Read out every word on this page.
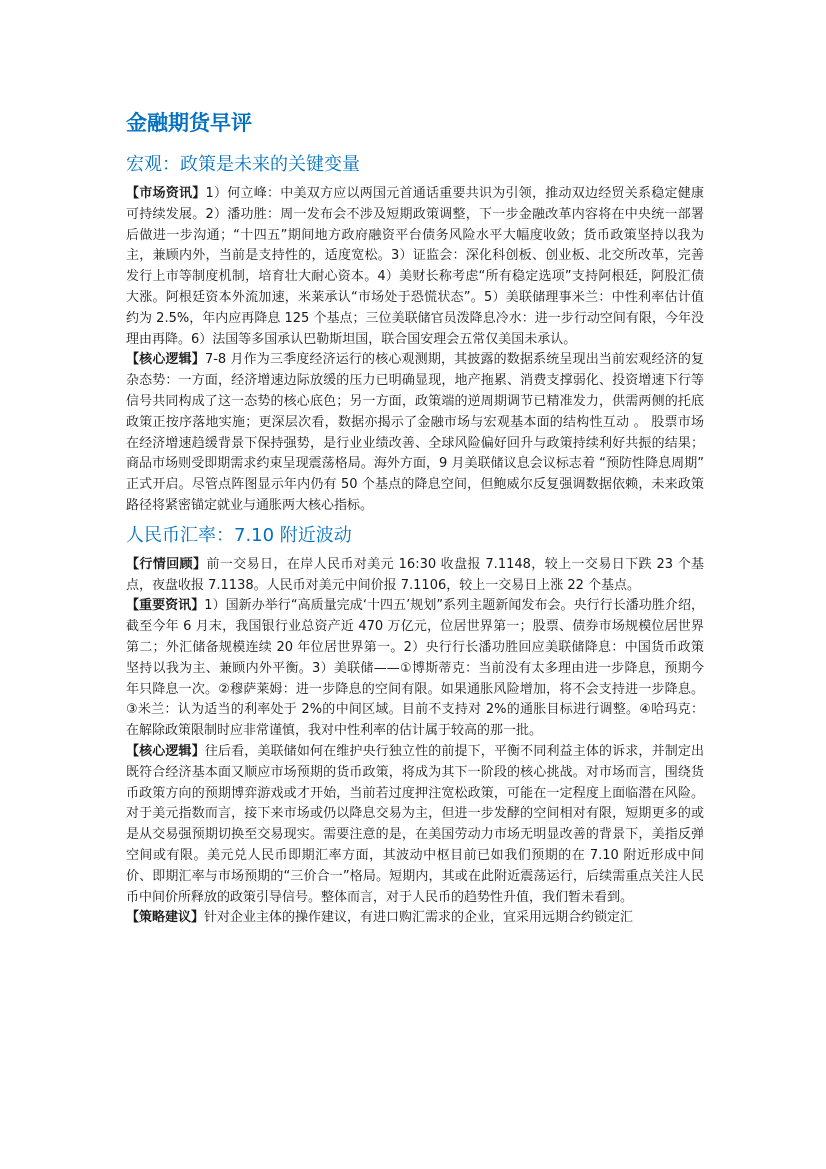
金融期货早评
宏观：政策是未来的关键变量

【市场资讯】1）何立峰：中美双方应以两国元首通话重要共识为引领，推动双边经贸关系稳定健康可持续发展。2）潘功胜：周一发布会不涉及短期政策调整，下一步金融改革内容将在中央统一部署后做进一步沟通；“十四五”期间地方政府融资平台债务风险水平大幅度收敛；货币政策坚持以我为主，兼顾内外，当前是支持性的，适度宽松。3）证监会：深化科创板、创业板、北交所改革，完善发行上市等制度机制，培育壮大耐心资本。4）美财长称考虑“所有稳定选项”支持阿根廷，阿股汇债大涨。阿根廷资本外流加速，米莱承认“市场处于恐慌状态”。5）美联储理事米兰：中性利率估计值约为 2.5%，年内应再降息 125 个基点；三位美联储官员泼降息冷水：进一步行动空间有限，今年没理由再降。6）法国等多国承认巴勒斯坦国，联合国安理会五常仅美国未承认。

【核心逻辑】7-8 月作为三季度经济运行的核心观测期，其披露的数据系统呈现出当前宏观经济的复杂态势：一方面，经济增速边际放缓的压力已明确显现，地产拖累、消费支撑弱化、投资增速下行等信号共同构成了这一态势的核心底色；另一方面，政策端的逆周期调节已精准发力，供需两侧的托底政策正按序落地实施；更深层次看，数据亦揭示了金融市场与宏观基本面的结构性互动 。 股票市场在经济增速趋缓背景下保持强势，是行业业绩改善、全球风险偏好回升与政策持续利好共振的结果；商品市场则受即期需求约束呈现震荡格局。海外方面，9 月美联储议息会议标志着 “预防性降息周期” 正式开启。尽管点阵图显示年内仍有 50 个基点的降息空间，但鲍威尔反复强调数据依赖，未来政策路径将紧密锚定就业与通胀两大核心指标。

人民币汇率：7.10 附近波动

【行情回顾】前一交易日，在岸人民币对美元 16:30 收盘报 7.1148，较上一交易日下跌 23 个基点，夜盘收报 7.1138。人民币对美元中间价报 7.1106，较上一交易日上涨 22 个基点。

【重要资讯】1）国新办举行“高质量完成‘十四五’规划”系列主题新闻发布会。央行行长潘功胜介绍，截至今年 6 月末，我国银行业总资产近 470 万亿元，位居世界第一；股票、债券市场规模位居世界第二；外汇储备规模连续 20 年位居世界第一。2）央行行长潘功胜回应美联储降息：中国货币政策坚持以我为主、兼顾内外平衡。3）美联储——①博斯蒂克：当前没有太多理由进一步降息，预期今年只降息一次。②穆萨莱姆：进一步降息的空间有限。如果通胀风险增加，将不会支持进一步降息。③米兰：认为适当的利率处于 2%的中间区域。目前不支持对 2%的通胀目标进行调整。④哈玛克：在解除政策限制时应非常谨慎，我对中性利率的估计属于较高的那一批。

【核心逻辑】往后看，美联储如何在维护央行独立性的前提下，平衡不同利益主体的诉求，并制定出既符合经济基本面又顺应市场预期的货币政策，将成为其下一阶段的核心挑战。对市场而言，围绕货币政策方向的预期博弈游戏或才开始，当前若过度押注宽松政策，可能在一定程度上面临潜在风险。对于美元指数而言，接下来市场或仍以降息交易为主，但进一步发酵的空间相对有限，短期更多的或是从交易强预期切换至交易现实。需要注意的是，在美国劳动力市场无明显改善的背景下，美指反弹空间或有限。美元兑人民币即期汇率方面，其波动中枢目前已如我们预期的在 7.10 附近形成中间价、即期汇率与市场预期的“三价合一”格局。短期内，其或在此附近震荡运行，后续需重点关注人民币中间价所释放的政策引导信号。整体而言，对于人民币的趋势性升值，我们暂未看到。

【策略建议】针对企业主体的操作建议，有进口购汇需求的企业，宜采用远期合约锁定汇
